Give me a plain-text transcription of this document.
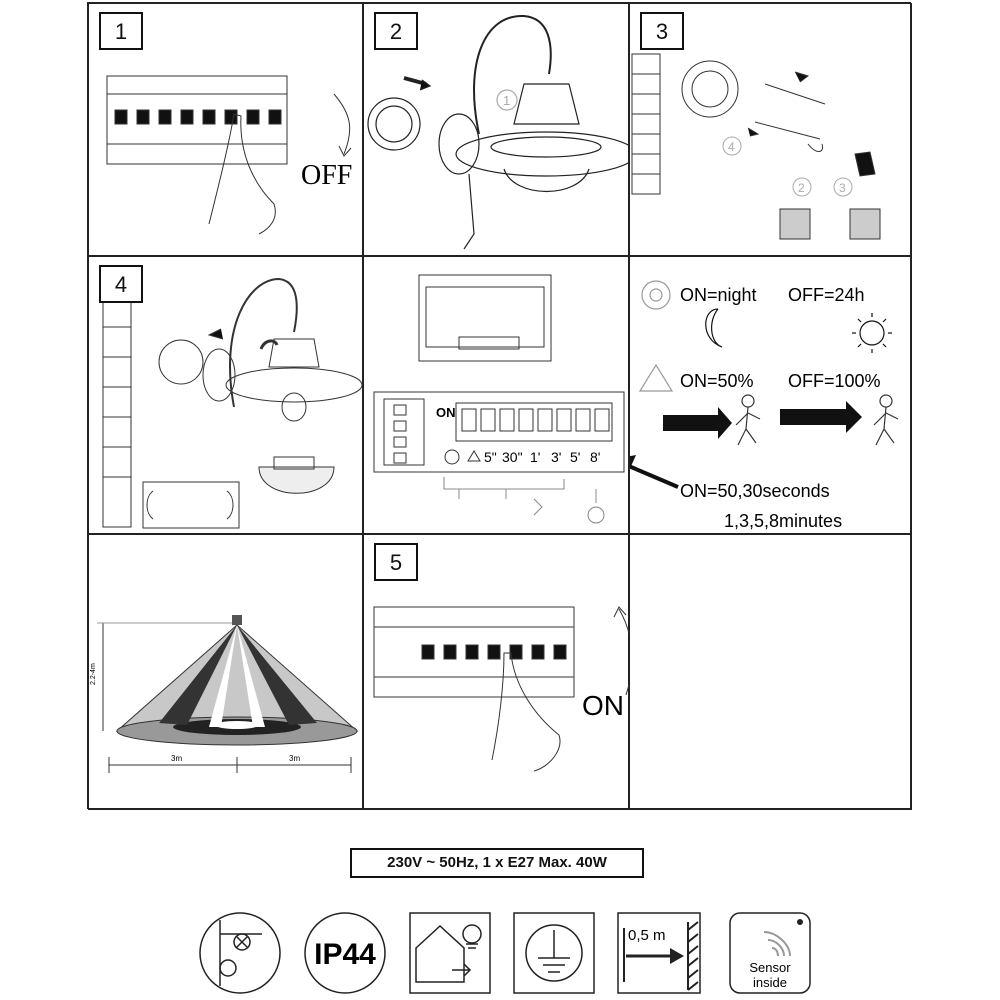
1
OFF
2
1
3
4
2	3
4
ON
5" 30" 1' 3' 5' 8'
ON=night OFF=24h
ON=50% OFF=100%
ON=50,30seconds
1,3,5,8minutes
2.2-4m
3m	3m
5
ON
230V ~ 50Hz, 1 x E27 Max. 40W
IP44
0,5 m
Sensor
inside
